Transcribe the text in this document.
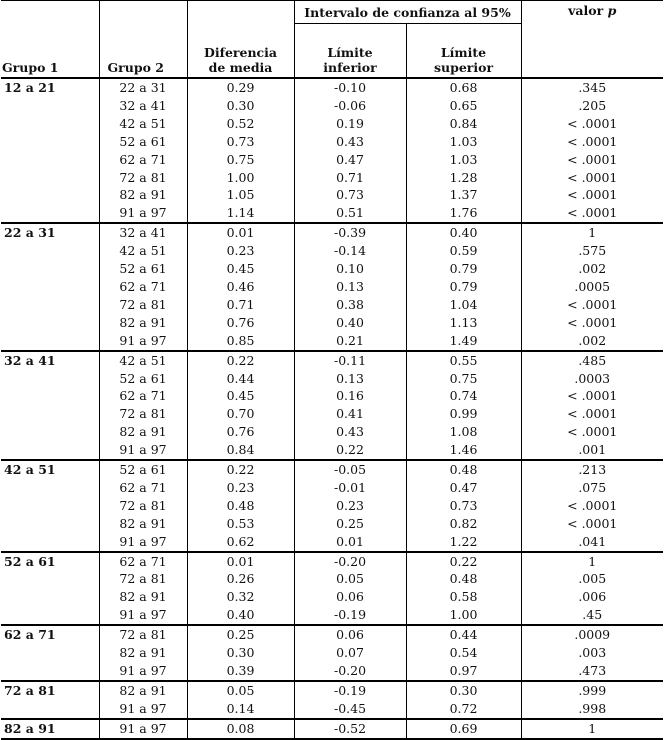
Grupo 1	Grupo 2	Diferencia de media	Intervalo de confianza al 95%		valor p
			Límite inferior	Límite superior	
12 a 21	22 a 31	0.29	-0.10	0.68	.345
	32 a 41	0.30	-0.06	0.65	.205
	42 a 51	0.52	0.19	0.84	< .0001
	52 a 61	0.73	0.43	1.03	< .0001
	62 a 71	0.75	0.47	1.03	< .0001
	72 a 81	1.00	0.71	1.28	< .0001
	82 a 91	1.05	0.73	1.37	< .0001
	91 a 97	1.14	0.51	1.76	< .0001
22 a 31	32 a 41	0.01	-0.39	0.40	1
	42 a 51	0.23	-0.14	0.59	.575
	52 a 61	0.45	0.10	0.79	.002
	62 a 71	0.46	0.13	0.79	.0005
	72 a 81	0.71	0.38	1.04	< .0001
	82 a 91	0.76	0.40	1.13	< .0001
	91 a 97	0.85	0.21	1.49	.002
32 a 41	42 a 51	0.22	-0.11	0.55	.485
	52 a 61	0.44	0.13	0.75	.0003
	62 a 71	0.45	0.16	0.74	< .0001
	72 a 81	0.70	0.41	0.99	< .0001
	82 a 91	0.76	0.43	1.08	< .0001
	91 a 97	0.84	0.22	1.46	.001
42 a 51	52 a 61	0.22	-0.05	0.48	.213
	62 a 71	0.23	-0.01	0.47	.075
	72 a 81	0.48	0.23	0.73	< .0001
	82 a 91	0.53	0.25	0.82	< .0001
	91 a 97	0.62	0.01	1.22	.041
52 a 61	62 a 71	0.01	-0.20	0.22	1
	72 a 81	0.26	0.05	0.48	.005
	82 a 91	0.32	0.06	0.58	.006
	91 a 97	0.40	-0.19	1.00	.45
62 a 71	72 a 81	0.25	0.06	0.44	.0009
	82 a 91	0.30	0.07	0.54	.003
	91 a 97	0.39	-0.20	0.97	.473
72 a 81	82 a 91	0.05	-0.19	0.30	.999
	91 a 97	0.14	-0.45	0.72	.998
82 a 91	91 a 97	0.08	-0.52	0.69	1
